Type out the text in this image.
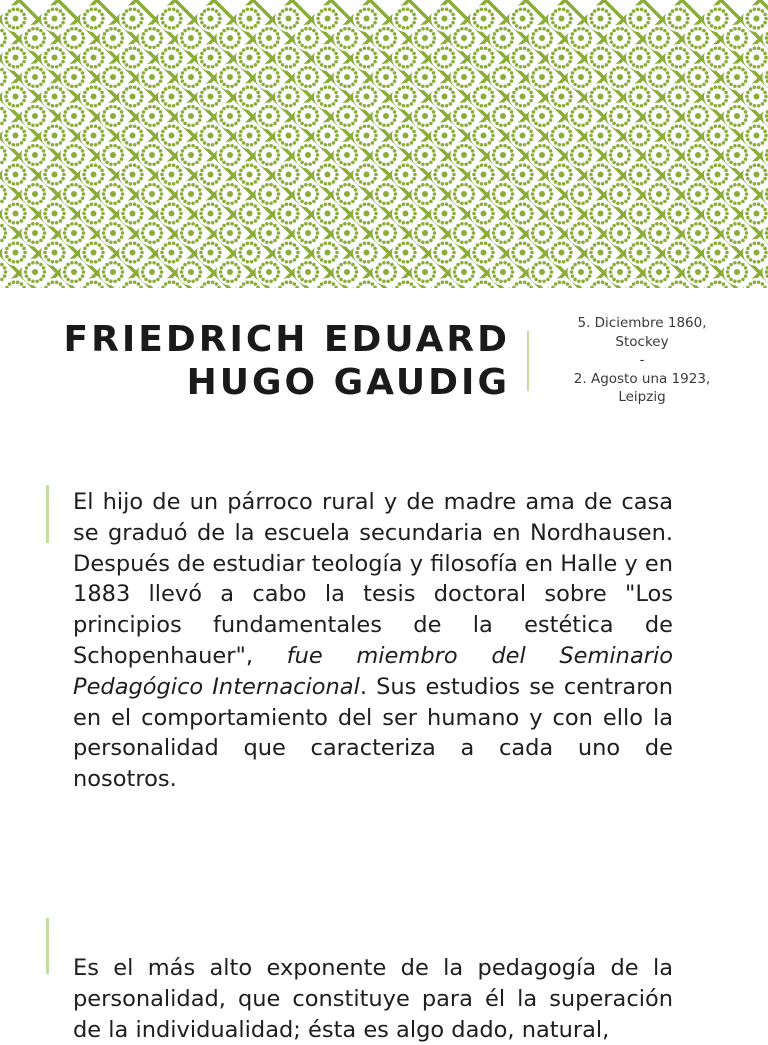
FRIEDRICH EDUARD
HUGO GAUDIG
5. Diciembre 1860,
Stockey
-
2. Agosto una 1923,
Leipzig

El hijo de un párroco rural y de madre ama de casa se graduó de la escuela secundaria en Nordhausen. Después de estudiar teología y filosofía en Halle y en 1883 llevó a cabo la tesis doctoral sobre "Los principios fundamentales de la estética de Schopenhauer", fue miembro del Seminario Pedagógico Internacional. Sus estudios se centraron en el comportamiento del ser humano y con ello la personalidad que caracteriza a cada uno de nosotros.

Es el más alto exponente de la pedagogía de la personalidad, que constituye para él la superación de la individualidad; ésta es algo dado, natural,
